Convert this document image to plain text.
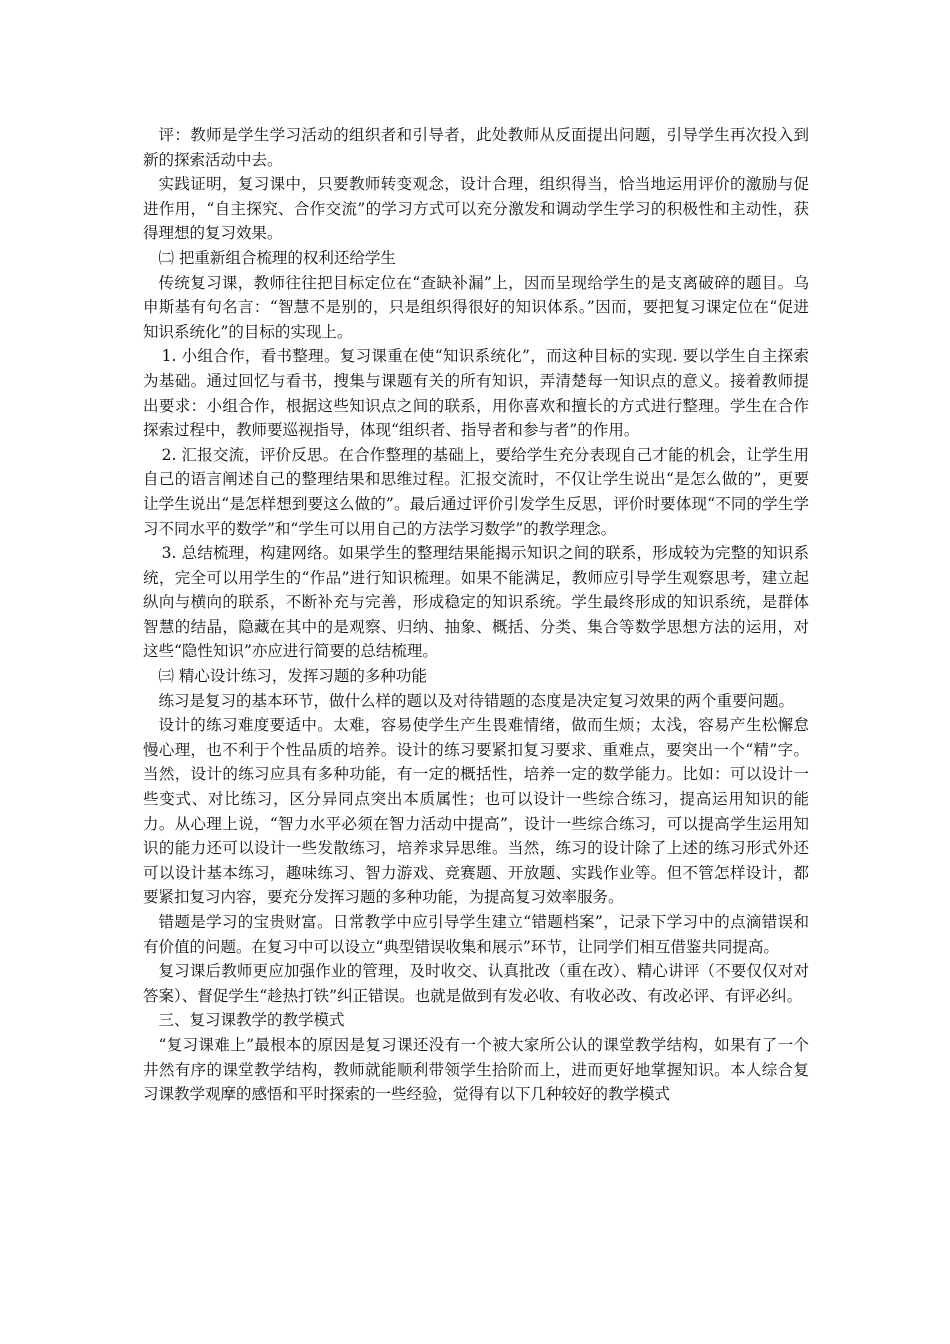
评：教师是学生学习活动的组织者和引导者，此处教师从反面提出问题，引导学生再次投入到新的探索活动中去。

实践证明，复习课中，只要教师转变观念，设计合理，组织得当，恰当地运用评价的激励与促进作用，“自主探究、合作交流”的学习方式可以充分激发和调动学生学习的积极性和主动性，获得理想的复习效果。

㈡ 把重新组合梳理的权利还给学生

传统复习课，教师往往把目标定位在“查缺补漏”上，因而呈现给学生的是支离破碎的题目。乌申斯基有句名言：“智慧不是别的，只是组织得很好的知识体系。”因而，要把复习课定位在“促进知识系统化”的目标的实现上。

1. 小组合作，看书整理。复习课重在使“知识系统化”，而这种目标的实现. 要以学生自主探索为基础。通过回忆与看书，搜集与课题有关的所有知识，弄清楚每一知识点的意义。接着教师提出要求：小组合作，根据这些知识点之间的联系，用你喜欢和擅长的方式进行整理。学生在合作探索过程中，教师要巡视指导，体现“组织者、指导者和参与者”的作用。

2. 汇报交流，评价反思。在合作整理的基础上，要给学生充分表现自己才能的机会，让学生用自己的语言阐述自己的整理结果和思维过程。汇报交流时，不仅让学生说出“是怎么做的”，更要让学生说出“是怎样想到要这么做的”。最后通过评价引发学生反思，评价时要体现“不同的学生学习不同水平的数学”和“学生可以用自己的方法学习数学”的教学理念。

3. 总结梳理，构建网络。如果学生的整理结果能揭示知识之间的联系，形成较为完整的知识系统，完全可以用学生的“作品”进行知识梳理。如果不能满足，教师应引导学生观察思考，建立起纵向与横向的联系，不断补充与完善，形成稳定的知识系统。学生最终形成的知识系统，是群体智慧的结晶，隐藏在其中的是观察、归纳、抽象、概括、分类、集合等数学思想方法的运用，对这些“隐性知识”亦应进行简要的总结梳理。

㈢ 精心设计练习，发挥习题的多种功能

练习是复习的基本环节，做什么样的题以及对待错题的态度是决定复习效果的两个重要问题。

设计的练习难度要适中。太难，容易使学生产生畏难情绪，做而生烦；太浅，容易产生松懈怠慢心理，也不利于个性品质的培养。设计的练习要紧扣复习要求、重难点，要突出一个“精”字。当然，设计的练习应具有多种功能，有一定的概括性，培养一定的数学能力。比如：可以设计一些变式、对比练习，区分异同点突出本质属性；也可以设计一些综合练习，提高运用知识的能力。从心理上说，“智力水平必须在智力活动中提高”，设计一些综合练习，可以提高学生运用知识的能力还可以设计一些发散练习，培养求异思维。当然，练习的设计除了上述的练习形式外还可以设计基本练习，趣味练习、智力游戏、竞赛题、开放题、实践作业等。但不管怎样设计，都要紧扣复习内容，要充分发挥习题的多种功能，为提高复习效率服务。

错题是学习的宝贵财富。日常教学中应引导学生建立“错题档案”，记录下学习中的点滴错误和有价值的问题。在复习中可以设立“典型错误收集和展示”环节，让同学们相互借鉴共同提高。

复习课后教师更应加强作业的管理，及时收交、认真批改（重在改）、精心讲评（不要仅仅对对答案）、督促学生“趁热打铁”纠正错误。也就是做到有发必收、有收必改、有改必评、有评必纠。

三、复习课教学的教学模式

“复习课难上”最根本的原因是复习课还没有一个被大家所公认的课堂教学结构，如果有了一个井然有序的课堂教学结构，教师就能顺利带领学生拾阶而上，进而更好地掌握知识。本人综合复习课教学观摩的感悟和平时探索的一些经验，觉得有以下几种较好的教学模式
